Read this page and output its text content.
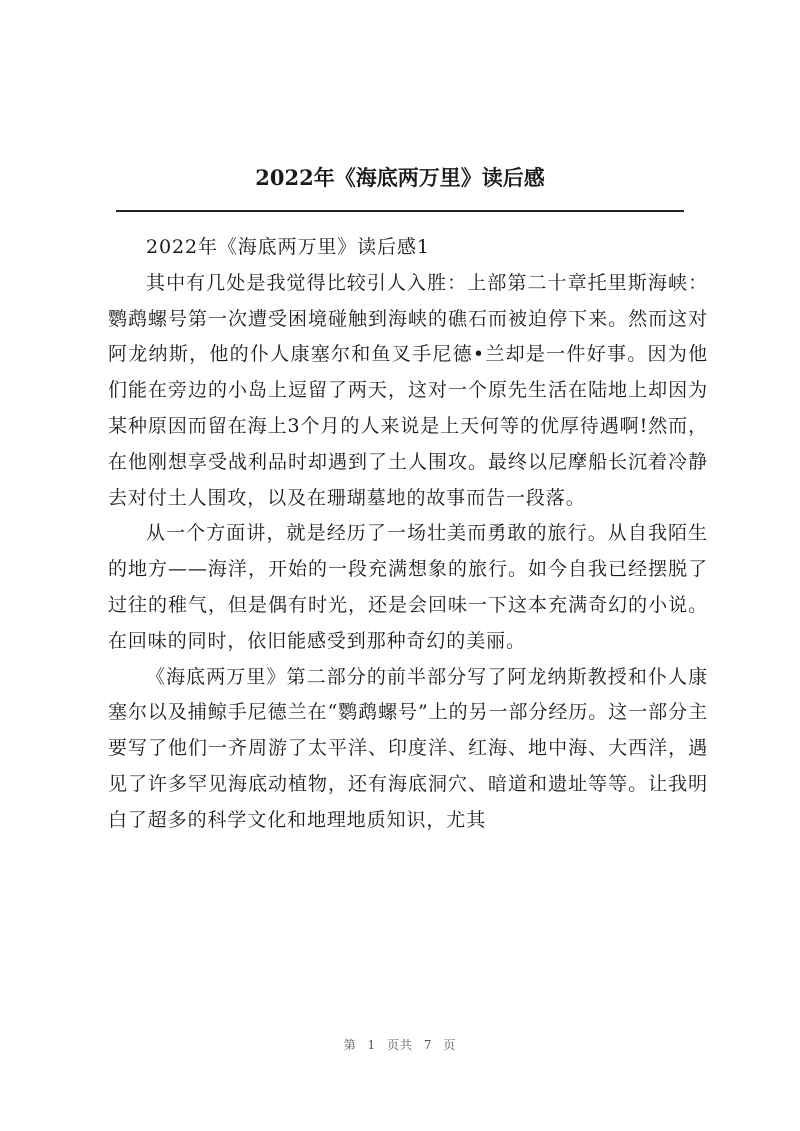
2022年《海底两万里》读后感

2022年《海底两万里》读后感1

其中有几处是我觉得比较引人入胜：上部第二十章托里斯海峡：鹦鹉螺号第一次遭受困境碰触到海峡的礁石而被迫停下来。然而这对阿龙纳斯，他的仆人康塞尔和鱼叉手尼德•兰却是一件好事。因为他们能在旁边的小岛上逗留了两天，这对一个原先生活在陆地上却因为某种原因而留在海上3个月的人来说是上天何等的优厚待遇啊!然而，在他刚想享受战利品时却遇到了土人围攻。最终以尼摩船长沉着冷静去对付土人围攻，以及在珊瑚墓地的故事而告一段落。

从一个方面讲，就是经历了一场壮美而勇敢的旅行。从自我陌生的地方——海洋，开始的一段充满想象的旅行。如今自我已经摆脱了过往的稚气，但是偶有时光，还是会回味一下这本充满奇幻的小说。在回味的同时，依旧能感受到那种奇幻的美丽。

《海底两万里》第二部分的前半部分写了阿龙纳斯教授和仆人康塞尔以及捕鲸手尼德兰在“鹦鹉螺号”上的另一部分经历。这一部分主要写了他们一齐周游了太平洋、印度洋、红海、地中海、大西洋，遇见了许多罕见海底动植物，还有海底洞穴、暗道和遗址等等。让我明白了超多的科学文化和地理地质知识，尤其

第 1 页共 7 页
